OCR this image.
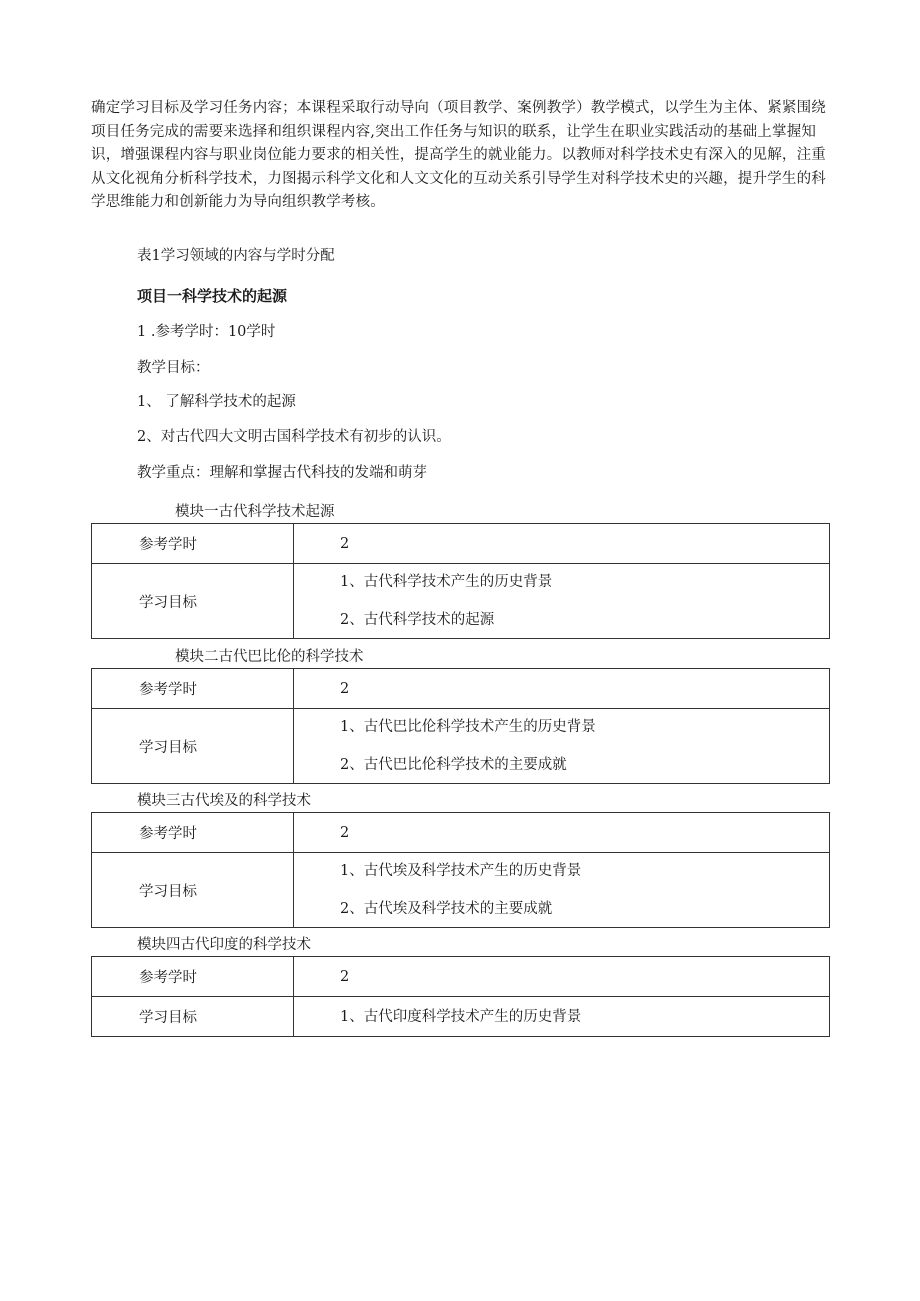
确定学习目标及学习任务内容；本课程采取行动导向（项目教学、案例教学）教学模式，以学生为主体、紧紧围绕项目任务完成的需要来选择和组织课程内容,突出工作任务与知识的联系，让学生在职业实践活动的基础上掌握知识，增强课程内容与职业岗位能力要求的相关性，提高学生的就业能力。以教师对科学技术史有深入的见解，注重从文化视角分析科学技术，力图揭示科学文化和人文文化的互动关系引导学生对科学技术史的兴趣，提升学生的科学思维能力和创新能力为导向组织教学考核。

表1学习领域的内容与学时分配

项目一科学技术的起源

1 .参考学时：10学时

教学目标：

1、 了解科学技术的起源

2、对古代四大文明古国科学技术有初步的认识。

教学重点：理解和掌握古代科技的发端和萌芽

模块一古代科学技术起源
参考学时	2
学习目标	1、古代科学技术产生的历史背景
2、古代科学技术的起源
模块二古代巴比伦的科学技术
参考学时	2
学习目标	1、古代巴比伦科学技术产生的历史背景
2、古代巴比伦科学技术的主要成就
模块三古代埃及的科学技术
参考学时	2
学习目标	1、古代埃及科学技术产生的历史背景
2、古代埃及科学技术的主要成就
模块四古代印度的科学技术
参考学时	2
学习目标	1、古代印度科学技术产生的历史背景
